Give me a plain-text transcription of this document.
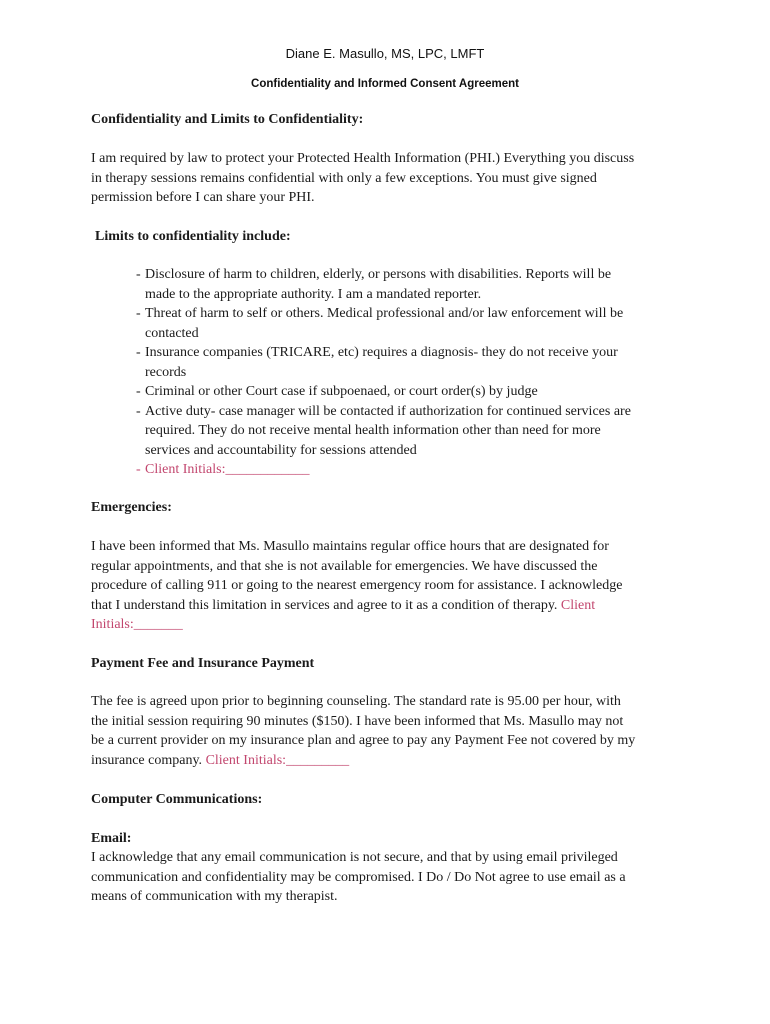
Diane E. Masullo, MS, LPC, LMFT
Confidentiality and Informed Consent Agreement
Confidentiality and Limits to Confidentiality:
I am required by law to protect your Protected Health Information (PHI.) Everything you discuss
in therapy sessions remains confidential with only a few exceptions. You must give signed
permission before I can share your PHI.
Limits to confidentiality include:
- Disclosure of harm to children, elderly, or persons with disabilities. Reports will be
made to the appropriate authority. I am a mandated reporter.
- Threat of harm to self or others. Medical professional and/or law enforcement will be
contacted
- Insurance companies (TRICARE, etc) requires a diagnosis- they do not receive your
records
- Criminal or other Court case if subpoenaed, or court order(s) by judge
- Active duty- case manager will be contacted if authorization for continued services are
required. They do not receive mental health information other than need for more
services and accountability for sessions attended
- Client Initials:____________
Emergencies:
I have been informed that Ms. Masullo maintains regular office hours that are designated for
regular appointments, and that she is not available for emergencies. We have discussed the
procedure of calling 911 or going to the nearest emergency room for assistance. I acknowledge
that I understand this limitation in services and agree to it as a condition of therapy. Client
Initials:_______
Payment Fee and Insurance Payment
The fee is agreed upon prior to beginning counseling. The standard rate is 95.00 per hour, with
the initial session requiring 90 minutes ($150). I have been informed that Ms. Masullo may not
be a current provider on my insurance plan and agree to pay any Payment Fee not covered by my
insurance company. Client Initials:_________
Computer Communications:
Email:
I acknowledge that any email communication is not secure, and that by using email privileged
communication and confidentiality may be compromised. I Do / Do Not agree to use email as a
means of communication with my therapist.
